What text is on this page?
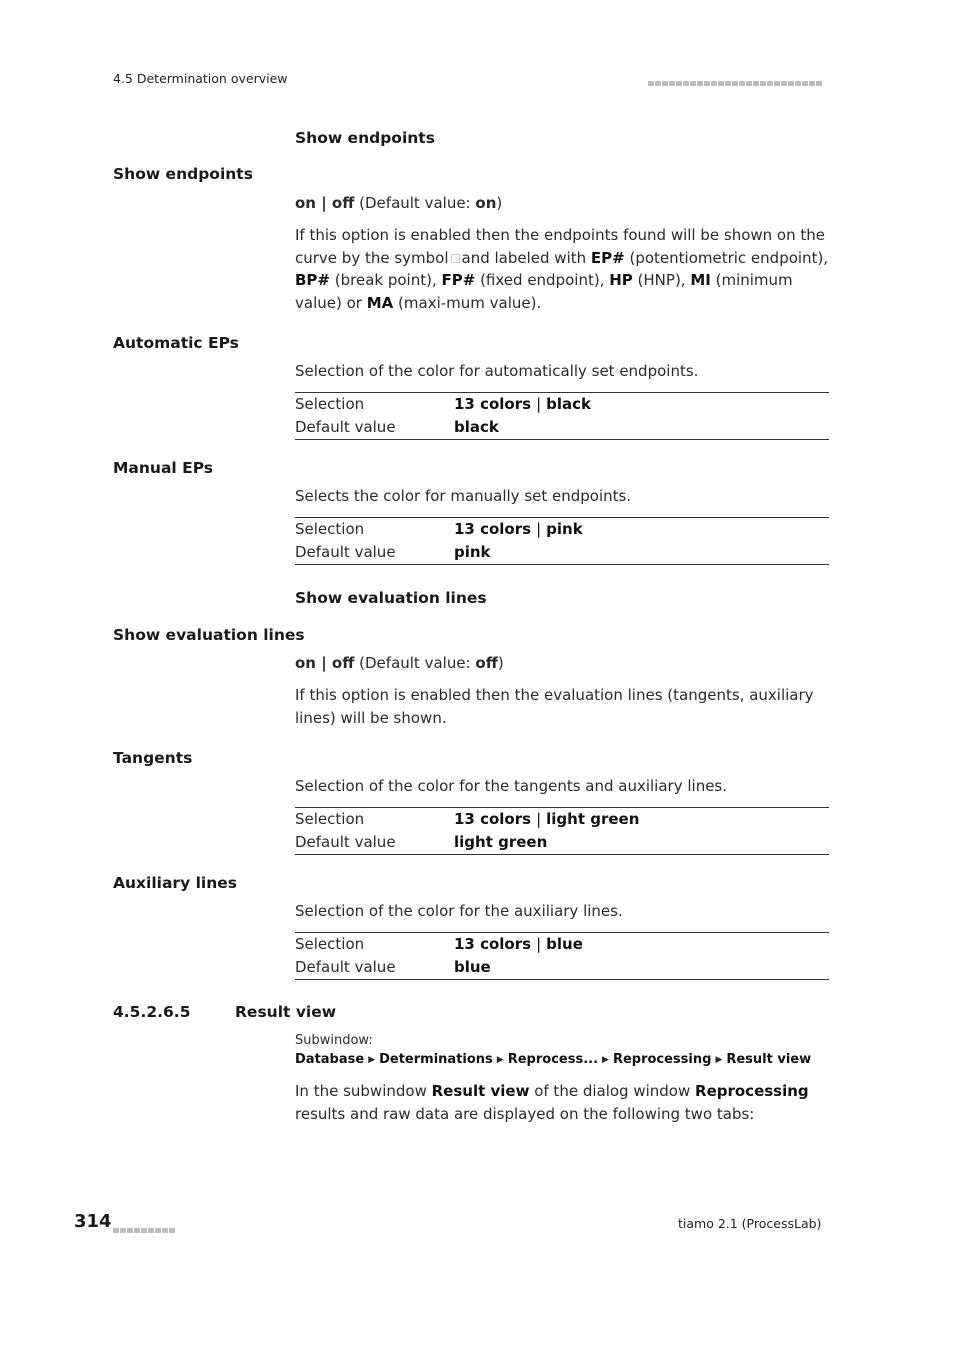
4.5 Determination overview
Show endpoints
Show endpoints
on | off (Default value: on)
If this option is enabled then the endpoints found will be shown on the curve by the symbol and labeled with EP# (potentiometric endpoint), BP# (break point), FP# (fixed endpoint), HP (HNP), MI (minimum value) or MA (maxi-mum value).
Automatic EPs
Selection of the color for automatically set endpoints.
Selection	13 colors | black
Default value	black
Manual EPs
Selects the color for manually set endpoints.
Selection	13 colors | pink
Default value	pink
Show evaluation lines
Show evaluation lines
on | off (Default value: off)
If this option is enabled then the evaluation lines (tangents, auxiliary lines) will be shown.
Tangents
Selection of the color for the tangents and auxiliary lines.
Selection	13 colors | light green
Default value	light green
Auxiliary lines
Selection of the color for the auxiliary lines.
Selection	13 colors | blue
Default value	blue
4.5.2.6.5	Result view
Subwindow: Database ▶ Determinations ▶ Reprocess... ▶ Reprocessing ▶ Result view
In the subwindow Result view of the dialog window Reprocessing results and raw data are displayed on the following two tabs:
314	tiamo 2.1 (ProcessLab)
